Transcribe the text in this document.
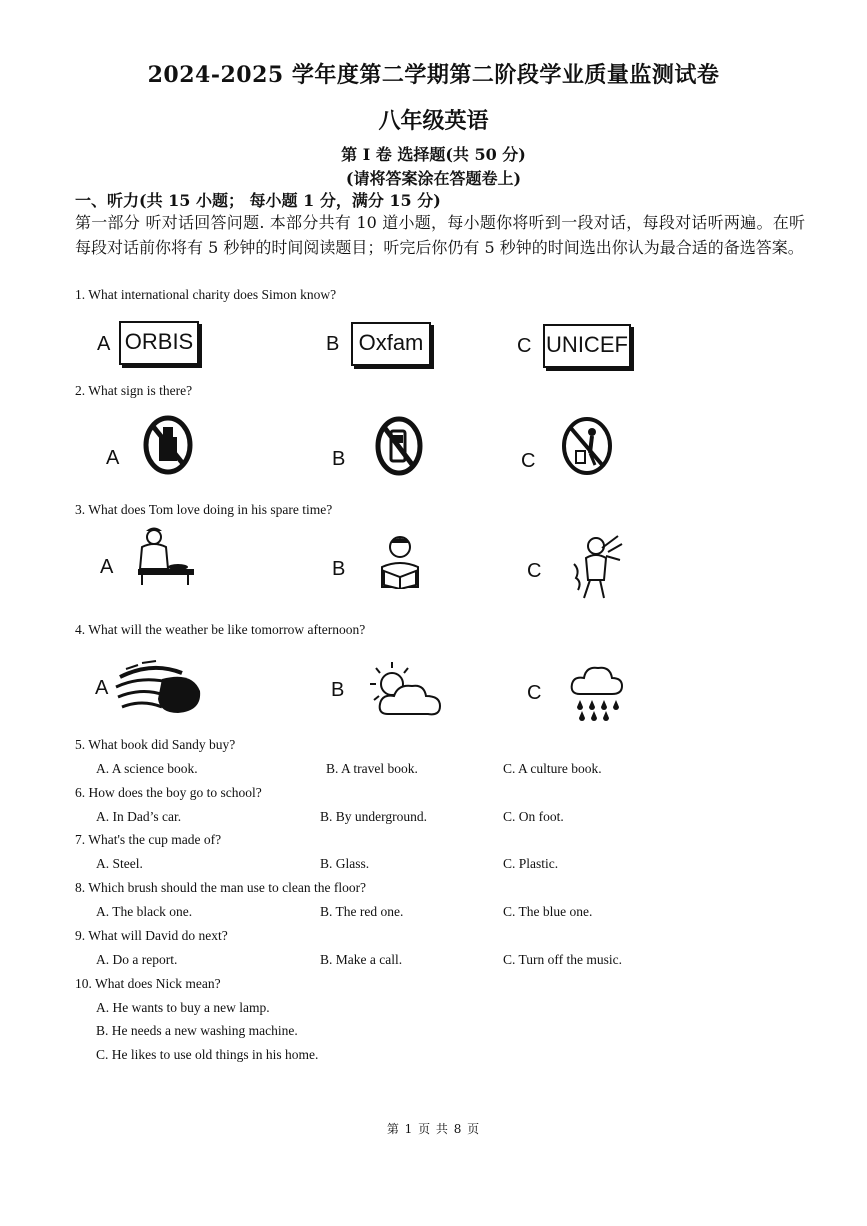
2024-2025 学年度第二学期第二阶段学业质量监测试卷
八年级英语
第 I 卷 选择题(共 50 分)
(请将答案涂在答题卷上)
一、听力(共 15 小题； 每小题 1 分，满分 15 分)
第一部分 听对话回答问题. 本部分共有 10 道小题，每小题你将听到一段对话，每段对话听两遍。在听每段对话前你将有 5 秒钟的时间阅读题目；听完后你仍有 5 秒钟的时间选出你认为最合适的备选答案。
1. What international charity does Simon know?
A ORBIS	B Oxfam	C UNICEF
2. What sign is there?
A	B	C
3. What does Tom love doing in his spare time?
A	B	C
4. What will the weather be like tomorrow afternoon?
A	B	C
5. What book did Sandy buy?
A. A science book.	B. A travel book.	C. A culture book.
6. How does the boy go to school?
A. In Dad’s car.	B. By underground.	C. On foot.
7. What's the cup made of?
A. Steel.	B. Glass.	C. Plastic.
8. Which brush should the man use to clean the floor?
A. The black one.	B. The red one.	C. The blue one.
9. What will David do next?
A. Do a report.	B. Make a call.	C. Turn off the music.
10. What does Nick mean?
A. He wants to buy a new lamp.
B. He needs a new washing machine.
C. He likes to use old things in his home.
第 1 页 共 8 页
